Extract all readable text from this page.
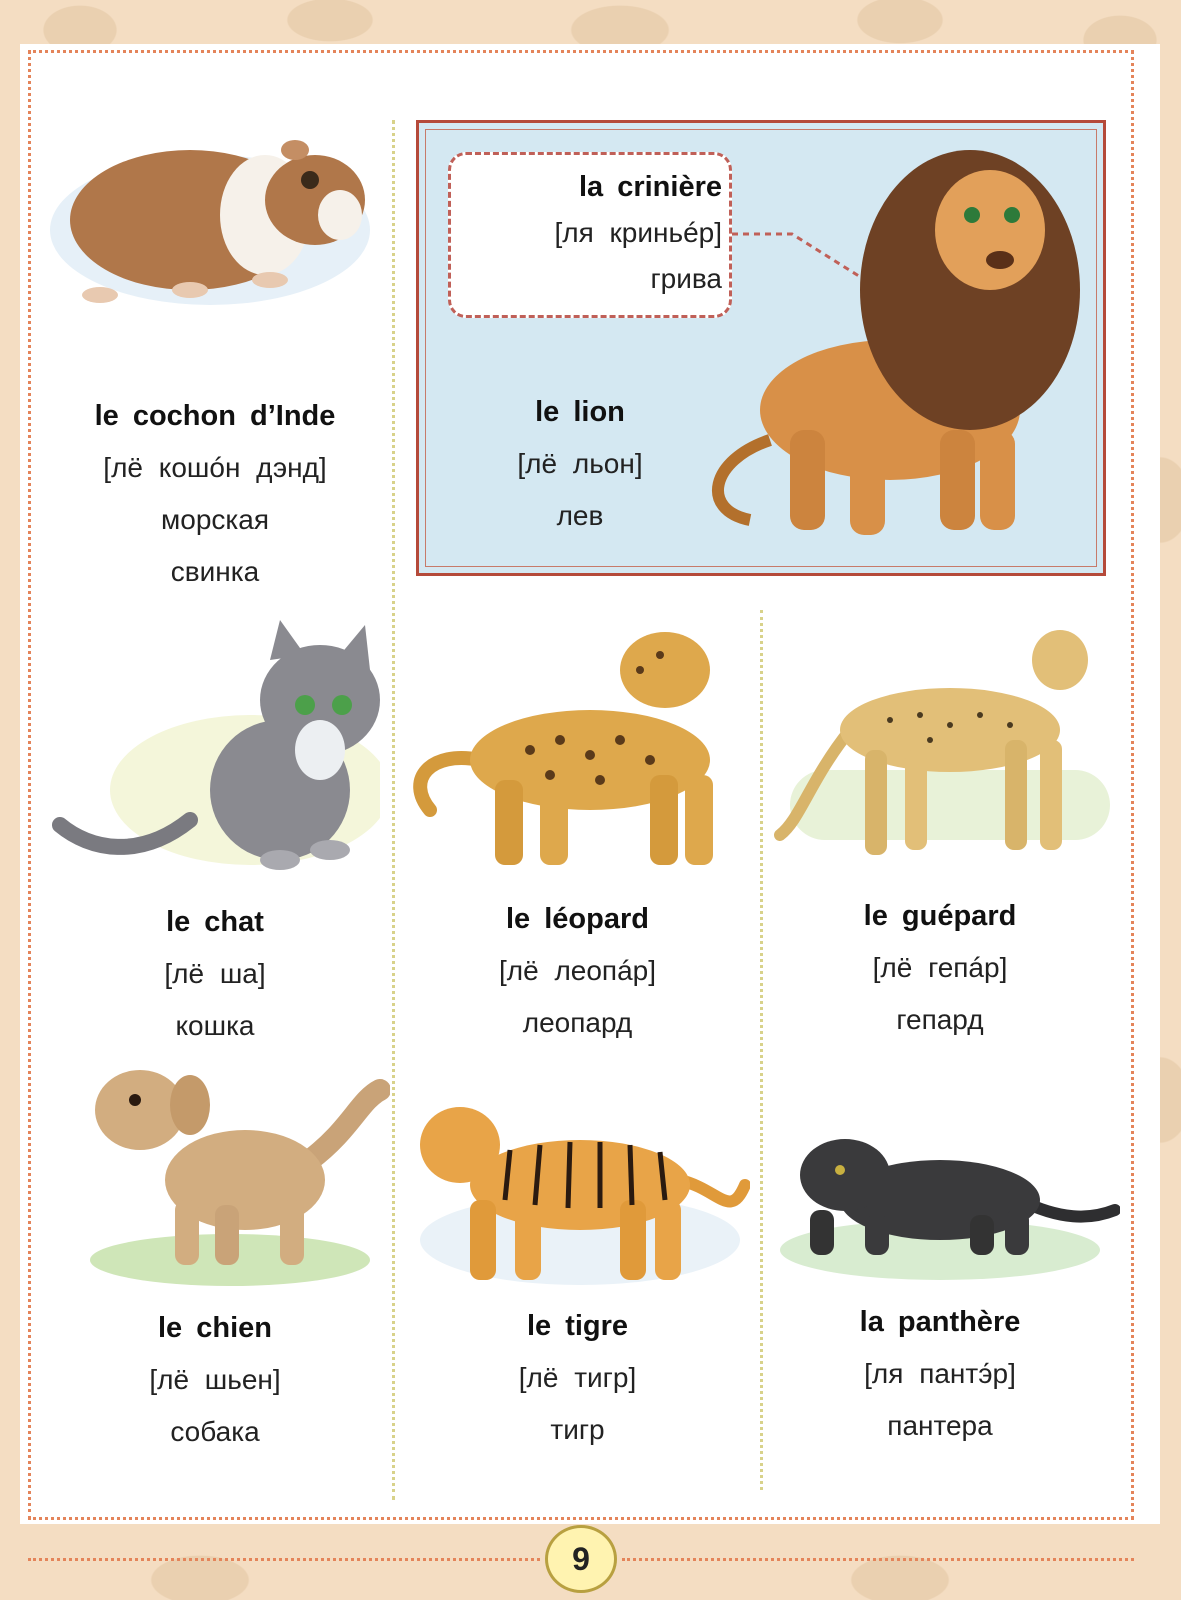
le cochon d’Inde
[лё кошóн дэнд]
морская
свинка
la crinière
[ля криньéр]
грива
le lion
[лё льон]
лев
le chat
[лё ша]
кошка
le léopard
[лё леопáр]
леопард
le guépard
[лё гепáр]
гепард
le chien
[лё шьен]
собака
le tigre
[лё тигр]
тигр
la panthère
[ля пантэ́р]
пантера
9
